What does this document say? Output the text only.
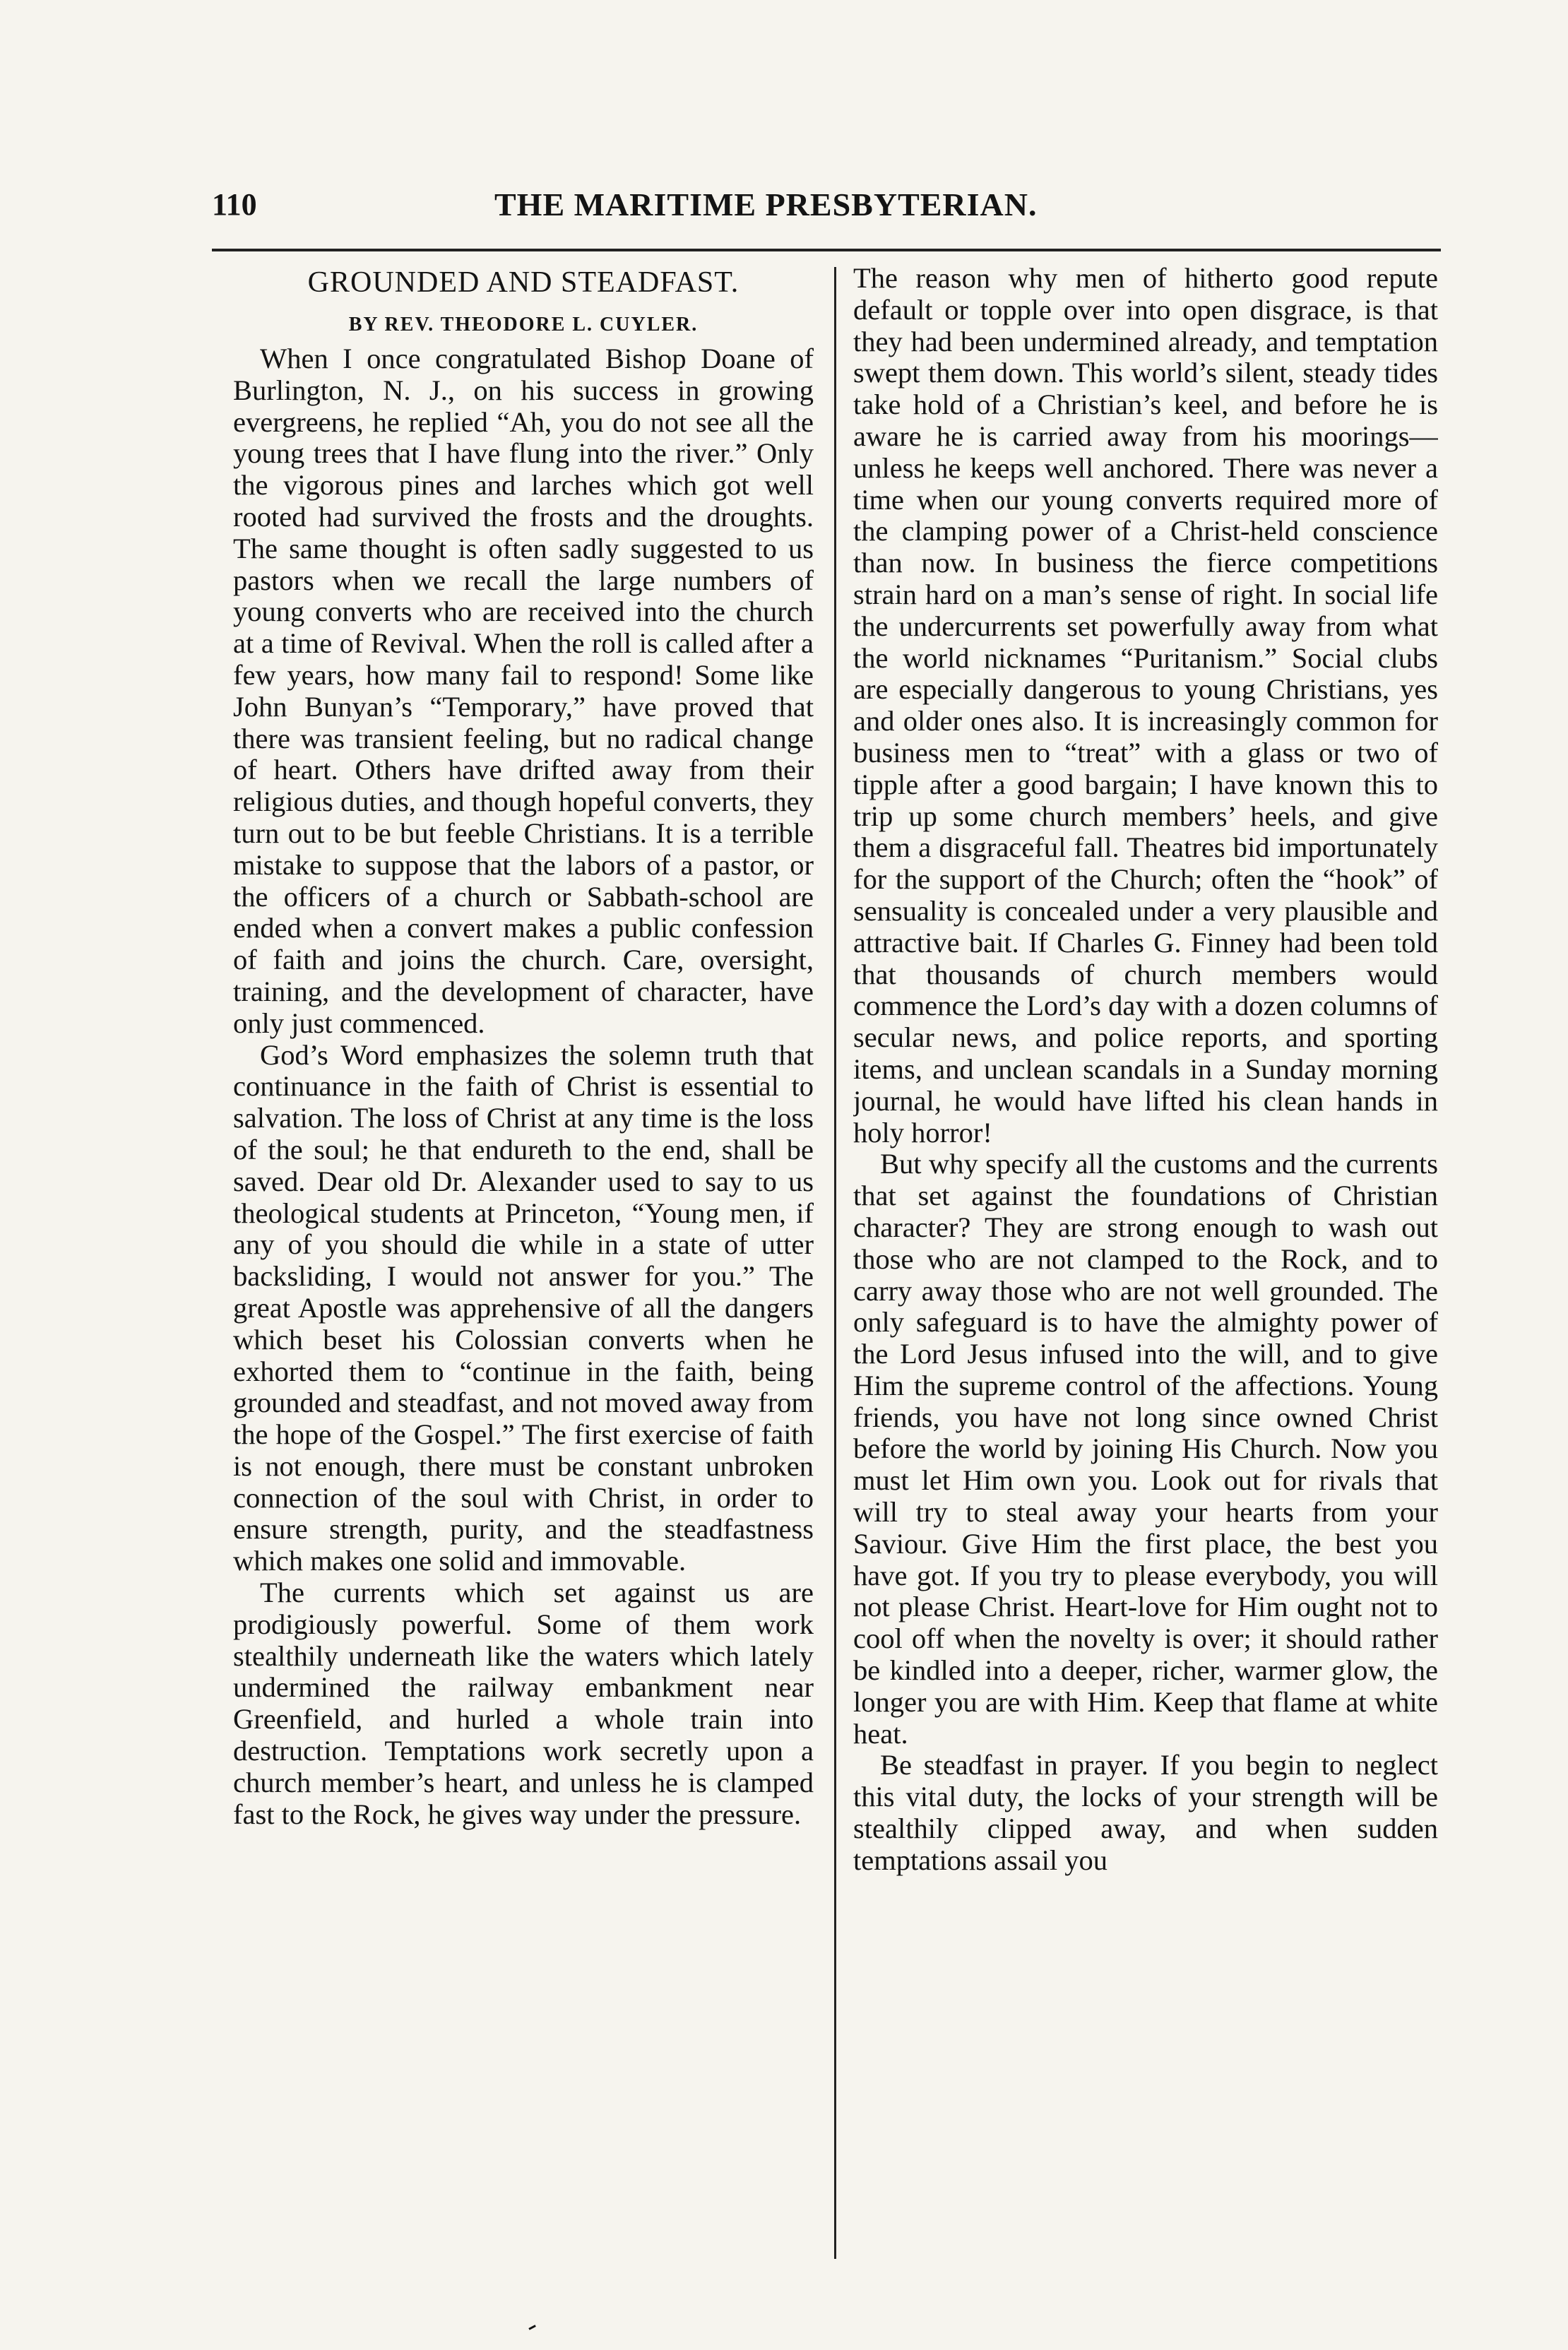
110	THE MARITIME PRESBYTERIAN.
GROUNDED AND STEADFAST.
BY REV. THEODORE L. CUYLER.

When I once congratulated Bishop Doane of Burlington, N. J., on his success in growing evergreens, he replied “Ah, you do not see all the young trees that I have flung into the river.” Only the vigorous pines and larches which got well rooted had survived the frosts and the droughts. The same thought is often sadly suggested to us pastors when we recall the large numbers of young converts who are received into the church at a time of Revival. When the roll is called after a few years, how many fail to respond! Some like John Bunyan’s “Temporary,” have proved that there was transient feeling, but no radical change of heart. Others have drifted away from their religious duties, and though hopeful converts, they turn out to be but feeble Christians. It is a terrible mistake to suppose that the labors of a pastor, or the officers of a church or Sabbath-school are ended when a convert makes a public confession of faith and joins the church. Care, oversight, training, and the development of character, have only just commenced.

God’s Word emphasizes the solemn truth that continuance in the faith of Christ is essential to salvation. The loss of Christ at any time is the loss of the soul; he that endureth to the end, shall be saved. Dear old Dr. Alexander used to say to us theological students at Princeton, “Young men, if any of you should die while in a state of utter backsliding, I would not answer for you.” The great Apostle was apprehensive of all the dangers which beset his Colossian converts when he exhorted them to “continue in the faith, being grounded and steadfast, and not moved away from the hope of the Gospel.” The first exercise of faith is not enough, there must be constant unbroken connection of the soul with Christ, in order to ensure strength, purity, and the steadfastness which makes one solid and immovable.

The currents which set against us are prodigiously powerful. Some of them work stealthily underneath like the waters which lately undermined the railway embankment near Greenfield, and hurled a whole train into destruction. Temptations work secretly upon a church member’s heart, and unless he is clamped fast to the Rock, he gives way under the pressure.

The reason why men of hitherto good repute default or topple over into open disgrace, is that they had been undermined already, and temptation swept them down. This world’s silent, steady tides take hold of a Christian’s keel, and before he is aware he is carried away from his moorings—unless he keeps well anchored. There was never a time when our young converts required more of the clamping power of a Christ-held conscience than now. In business the fierce competitions strain hard on a man’s sense of right. In social life the undercurrents set powerfully away from what the world nicknames “Puritanism.” Social clubs are especially dangerous to young Christians, yes and older ones also. It is increasingly common for business men to “treat” with a glass or two of tipple after a good bargain; I have known this to trip up some church members’ heels, and give them a disgraceful fall. Theatres bid importunately for the support of the Church; often the “hook” of sensuality is concealed under a very plausible and attractive bait. If Charles G. Finney had been told that thousands of church members would commence the Lord’s day with a dozen columns of secular news, and police reports, and sporting items, and unclean scandals in a Sunday morning journal, he would have lifted his clean hands in holy horror!

But why specify all the customs and the currents that set against the foundations of Christian character? They are strong enough to wash out those who are not clamped to the Rock, and to carry away those who are not well grounded. The only safeguard is to have the almighty power of the Lord Jesus infused into the will, and to give Him the supreme control of the affections. Young friends, you have not long since owned Christ before the world by joining His Church. Now you must let Him own you. Look out for rivals that will try to steal away your hearts from your Saviour. Give Him the first place, the best you have got. If you try to please everybody, you will not please Christ. Heart-love for Him ought not to cool off when the novelty is over; it should rather be kindled into a deeper, richer, warmer glow, the longer you are with Him. Keep that flame at white heat.

Be steadfast in prayer. If you begin to neglect this vital duty, the locks of your strength will be stealthily clipped away, and when sudden temptations assail you

-
